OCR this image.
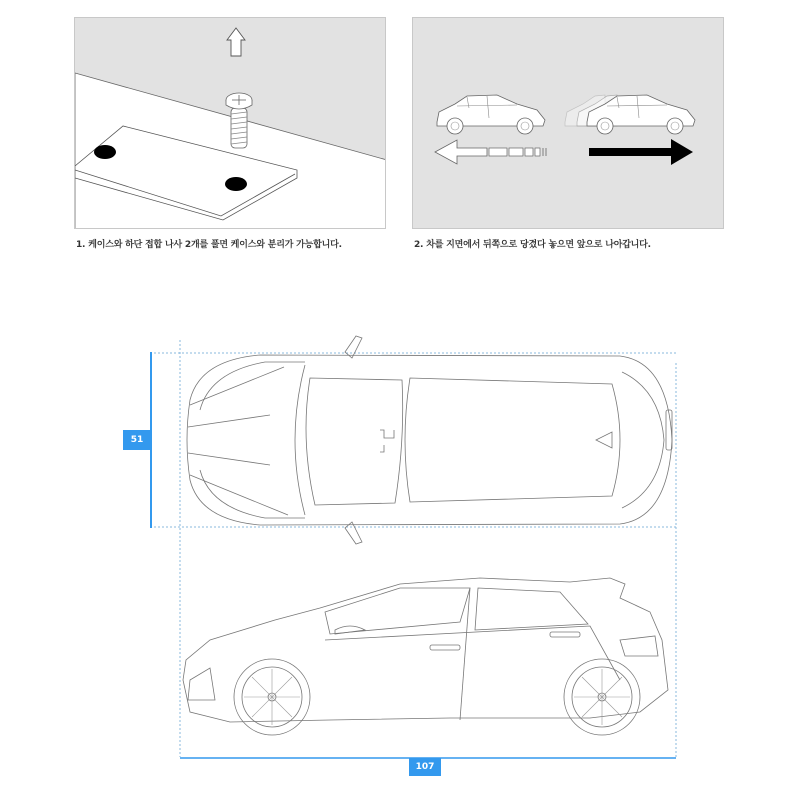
1. 케이스와 하단 접합 나사 2개를 풀면 케이스와 분리가 가능합니다.	2. 차를 지면에서 뒤쪽으로 당겼다 놓으면 앞으로 나아갑니다.
51
107
